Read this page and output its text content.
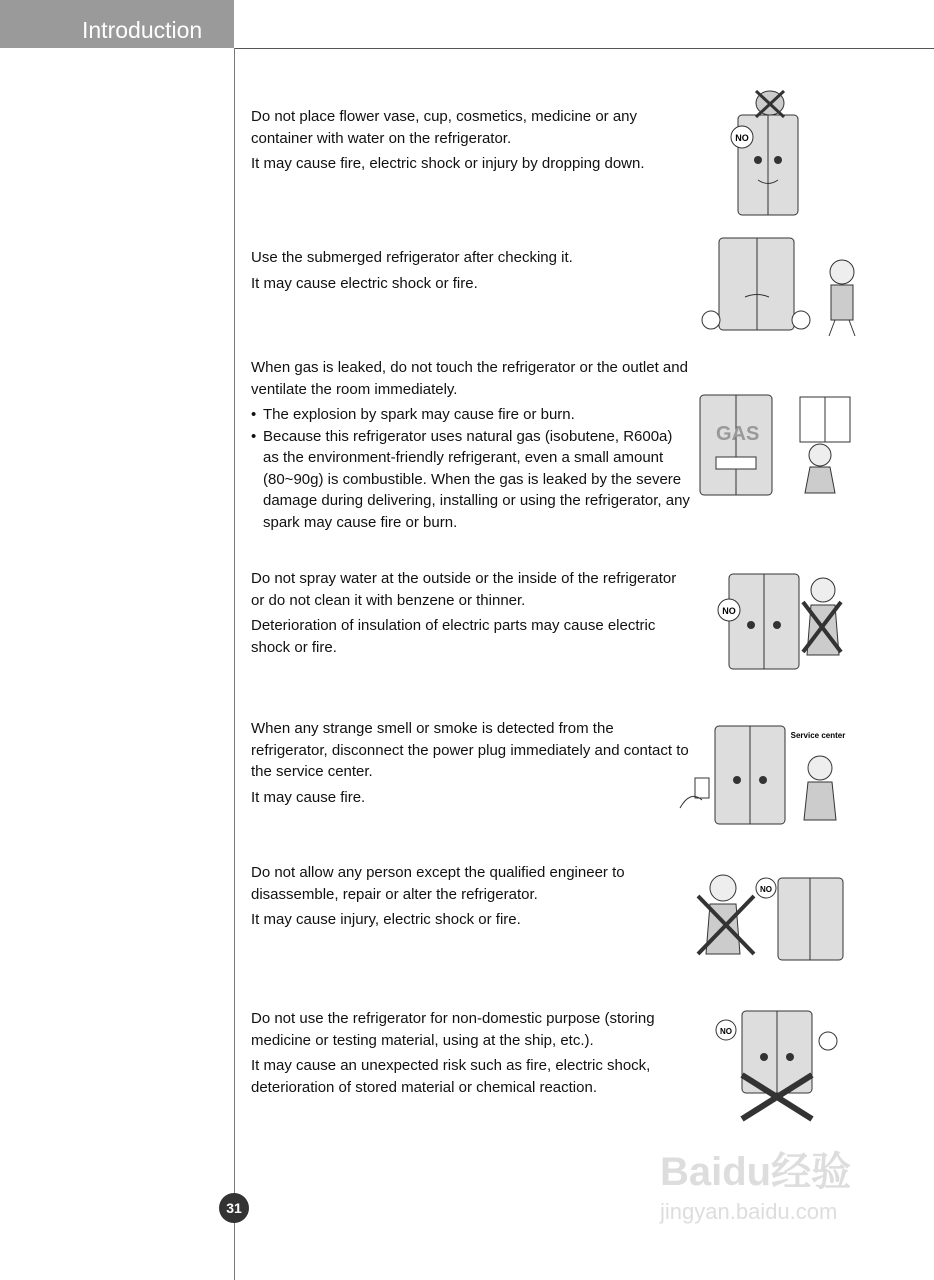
Introduction

Do not place flower vase, cup, cosmetics, medicine or any container with water on the refrigerator.

It may cause fire, electric shock or injury by dropping down.

Use the submerged refrigerator after checking it.

It may cause electric shock or fire.

When gas is leaked, do not touch the refrigerator or the outlet and ventilate the room immediately.

• The explosion by spark may cause fire or burn.
• Because this refrigerator uses natural gas (isobutene, R600a) as the environment-friendly refrigerant, even a small amount (80~90g) is combustible. When the gas is leaked by the severe damage during delivering, installing or using the refrigerator, any spark may cause fire or burn.

Do not spray water at the outside or the inside of the refrigerator or do not clean it with benzene or thinner.

Deterioration of insulation of electric parts may cause electric shock or fire.

When any strange smell or smoke is detected from the refrigerator, disconnect the power plug immediately and contact to the service center.

It may cause fire.

Do not allow any person except the qualified engineer to disassemble, repair or alter the refrigerator.

It may cause injury, electric shock or fire.

Do not use the refrigerator for non-domestic purpose (storing medicine or testing material, using at the ship, etc.).

It may cause an unexpected risk such as fire, electric shock, deterioration of stored material or chemical reaction.

NO
GAS
NO
Service center
NO
NO
31
Baidu经验
jingyan.baidu.com
